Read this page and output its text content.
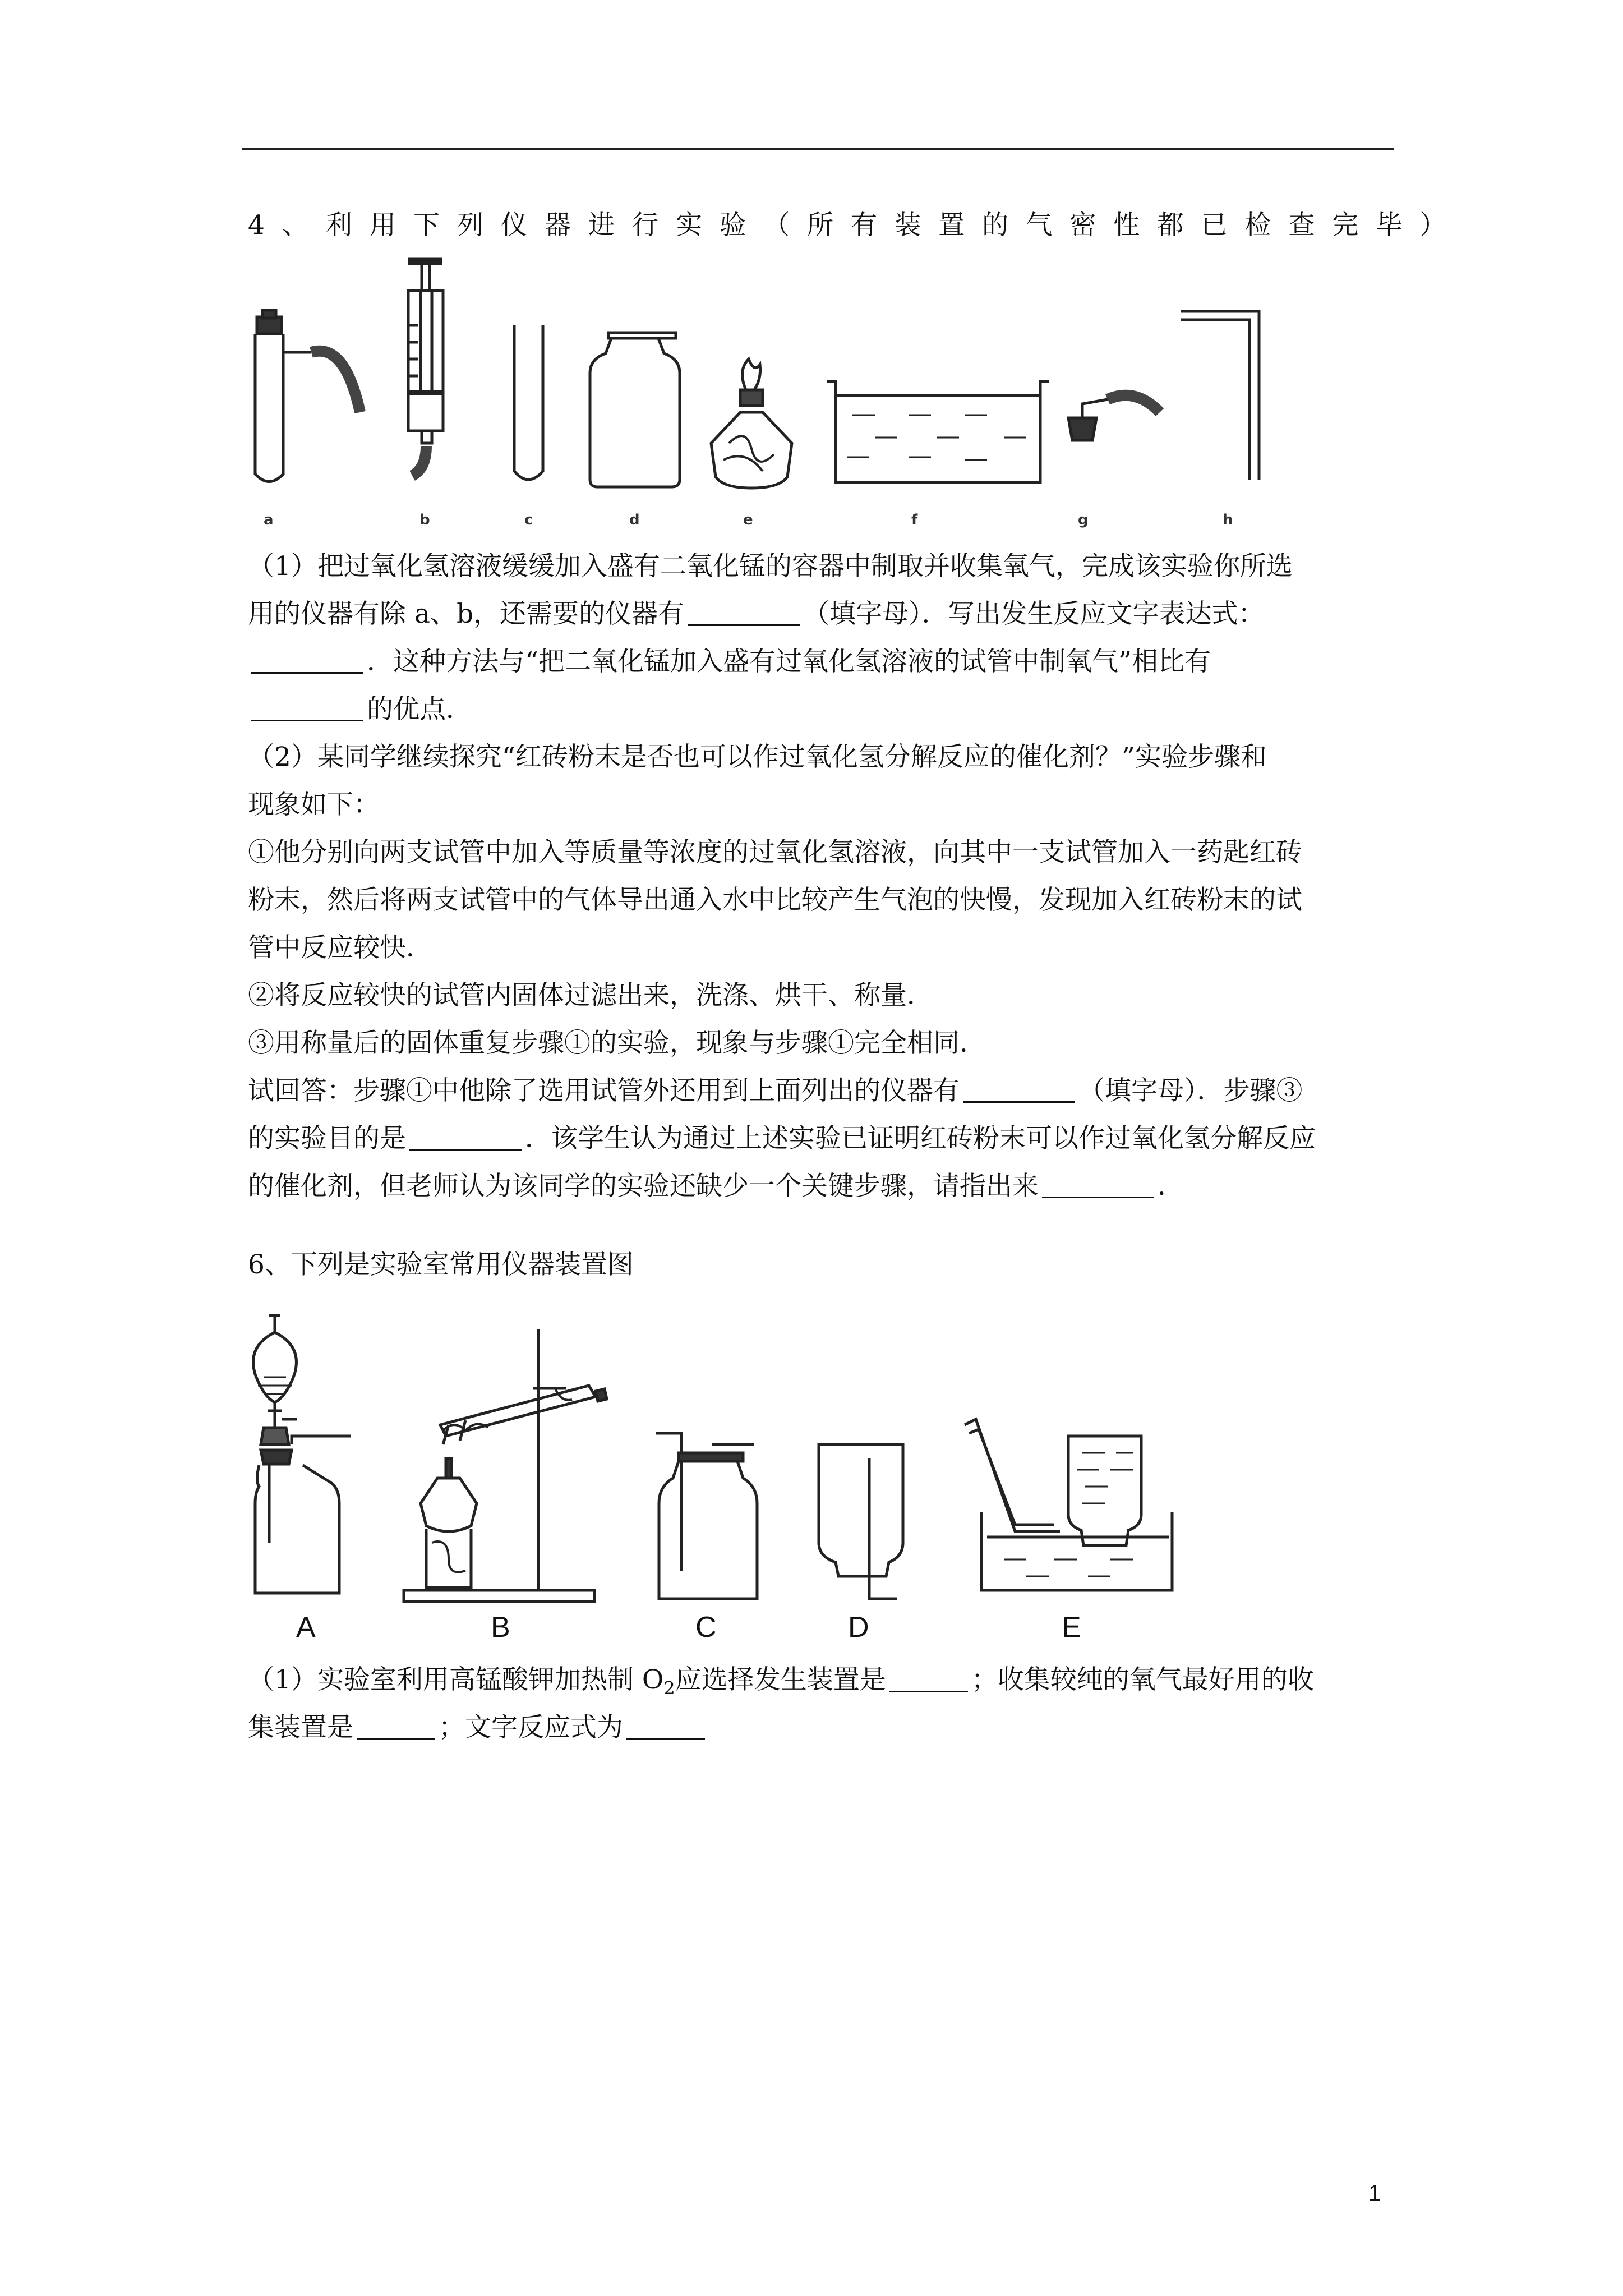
4、利用下列仪器进行实验（所有装置的气密性都已检查完毕）
a	b	c	d	e	f	g	h
（1）把过氧化氢溶液缓缓加入盛有二氧化锰的容器中制取并收集氧气，完成该实验你所选
用的仪器有除 a、b，还需要的仪器有	（填字母）．写出发生反应文字表达式：
．这种方法与“把二氧化锰加入盛有过氧化氢溶液的试管中制氧气”相比有
的优点．
（2）某同学继续探究“红砖粉末是否也可以作过氧化氢分解反应的催化剂？”实验步骤和
现象如下：
①他分别向两支试管中加入等质量等浓度的过氧化氢溶液，向其中一支试管加入一药匙红砖
粉末，然后将两支试管中的气体导出通入水中比较产生气泡的快慢，发现加入红砖粉末的试
管中反应较快．
②将反应较快的试管内固体过滤出来，洗涤、烘干、称量．
③用称量后的固体重复步骤①的实验，现象与步骤①完全相同．
试回答：步骤①中他除了选用试管外还用到上面列出的仪器有	（填字母）．步骤③
的实验目的是	．该学生认为通过上述实验已证明红砖粉末可以作过氧化氢分解反应
的催化剂，但老师认为该同学的实验还缺少一个关键步骤，请指出来	．
6、下列是实验室常用仪器装置图
A	B	C	D	E
（1）实验室利用高锰酸钾加热制 $O_2$应选择发生装置是	；收集较纯的氧气最好用的收
集装置是	；文字反应式为
1
